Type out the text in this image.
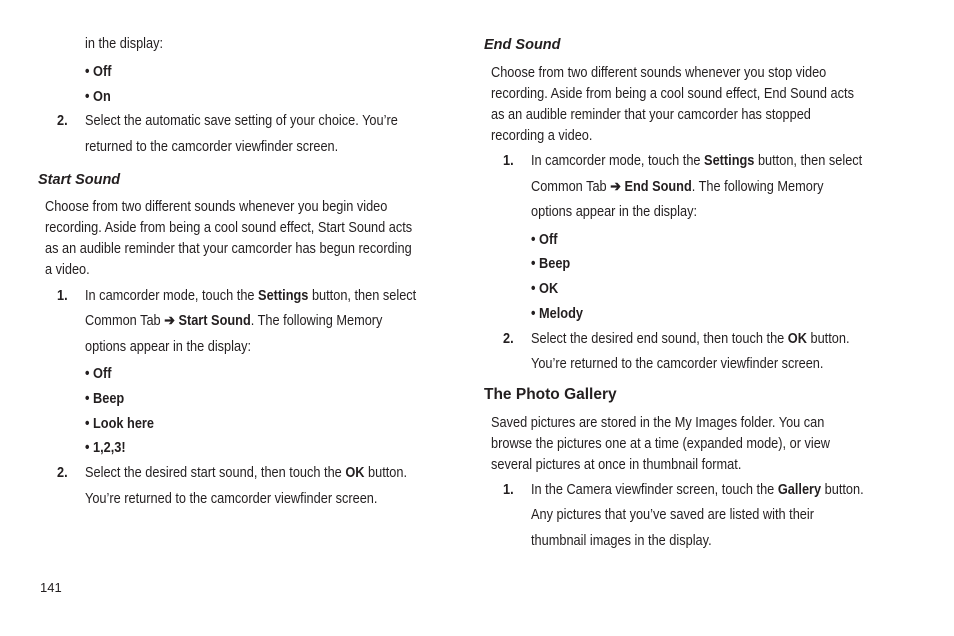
in the display:
• Off
• On
2. Select the automatic save setting of your choice. You’re
returned to the camcorder viewfinder screen.
Start Sound
Choose from two different sounds whenever you begin video
recording. Aside from being a cool sound effect, Start Sound acts
as an audible reminder that your camcorder has begun recording
a video.
1. In camcorder mode, touch the Settings button, then select
Common Tab ➔ Start Sound. The following Memory
options appear in the display:
• Off
• Beep
• Look here
• 1,2,3!
2. Select the desired start sound, then touch the OK button.
You’re returned to the camcorder viewfinder screen.
End Sound
Choose from two different sounds whenever you stop video
recording. Aside from being a cool sound effect, End Sound acts
as an audible reminder that your camcorder has stopped
recording a video.
1. In camcorder mode, touch the Settings button, then select
Common Tab ➔ End Sound. The following Memory
options appear in the display:
• Off
• Beep
• OK
• Melody
2. Select the desired end sound, then touch the OK button.
You’re returned to the camcorder viewfinder screen.
The Photo Gallery
Saved pictures are stored in the My Images folder. You can
browse the pictures one at a time (expanded mode), or view
several pictures at once in thumbnail format.
1. In the Camera viewfinder screen, touch the Gallery button.
Any pictures that you’ve saved are listed with their
thumbnail images in the display.
141
